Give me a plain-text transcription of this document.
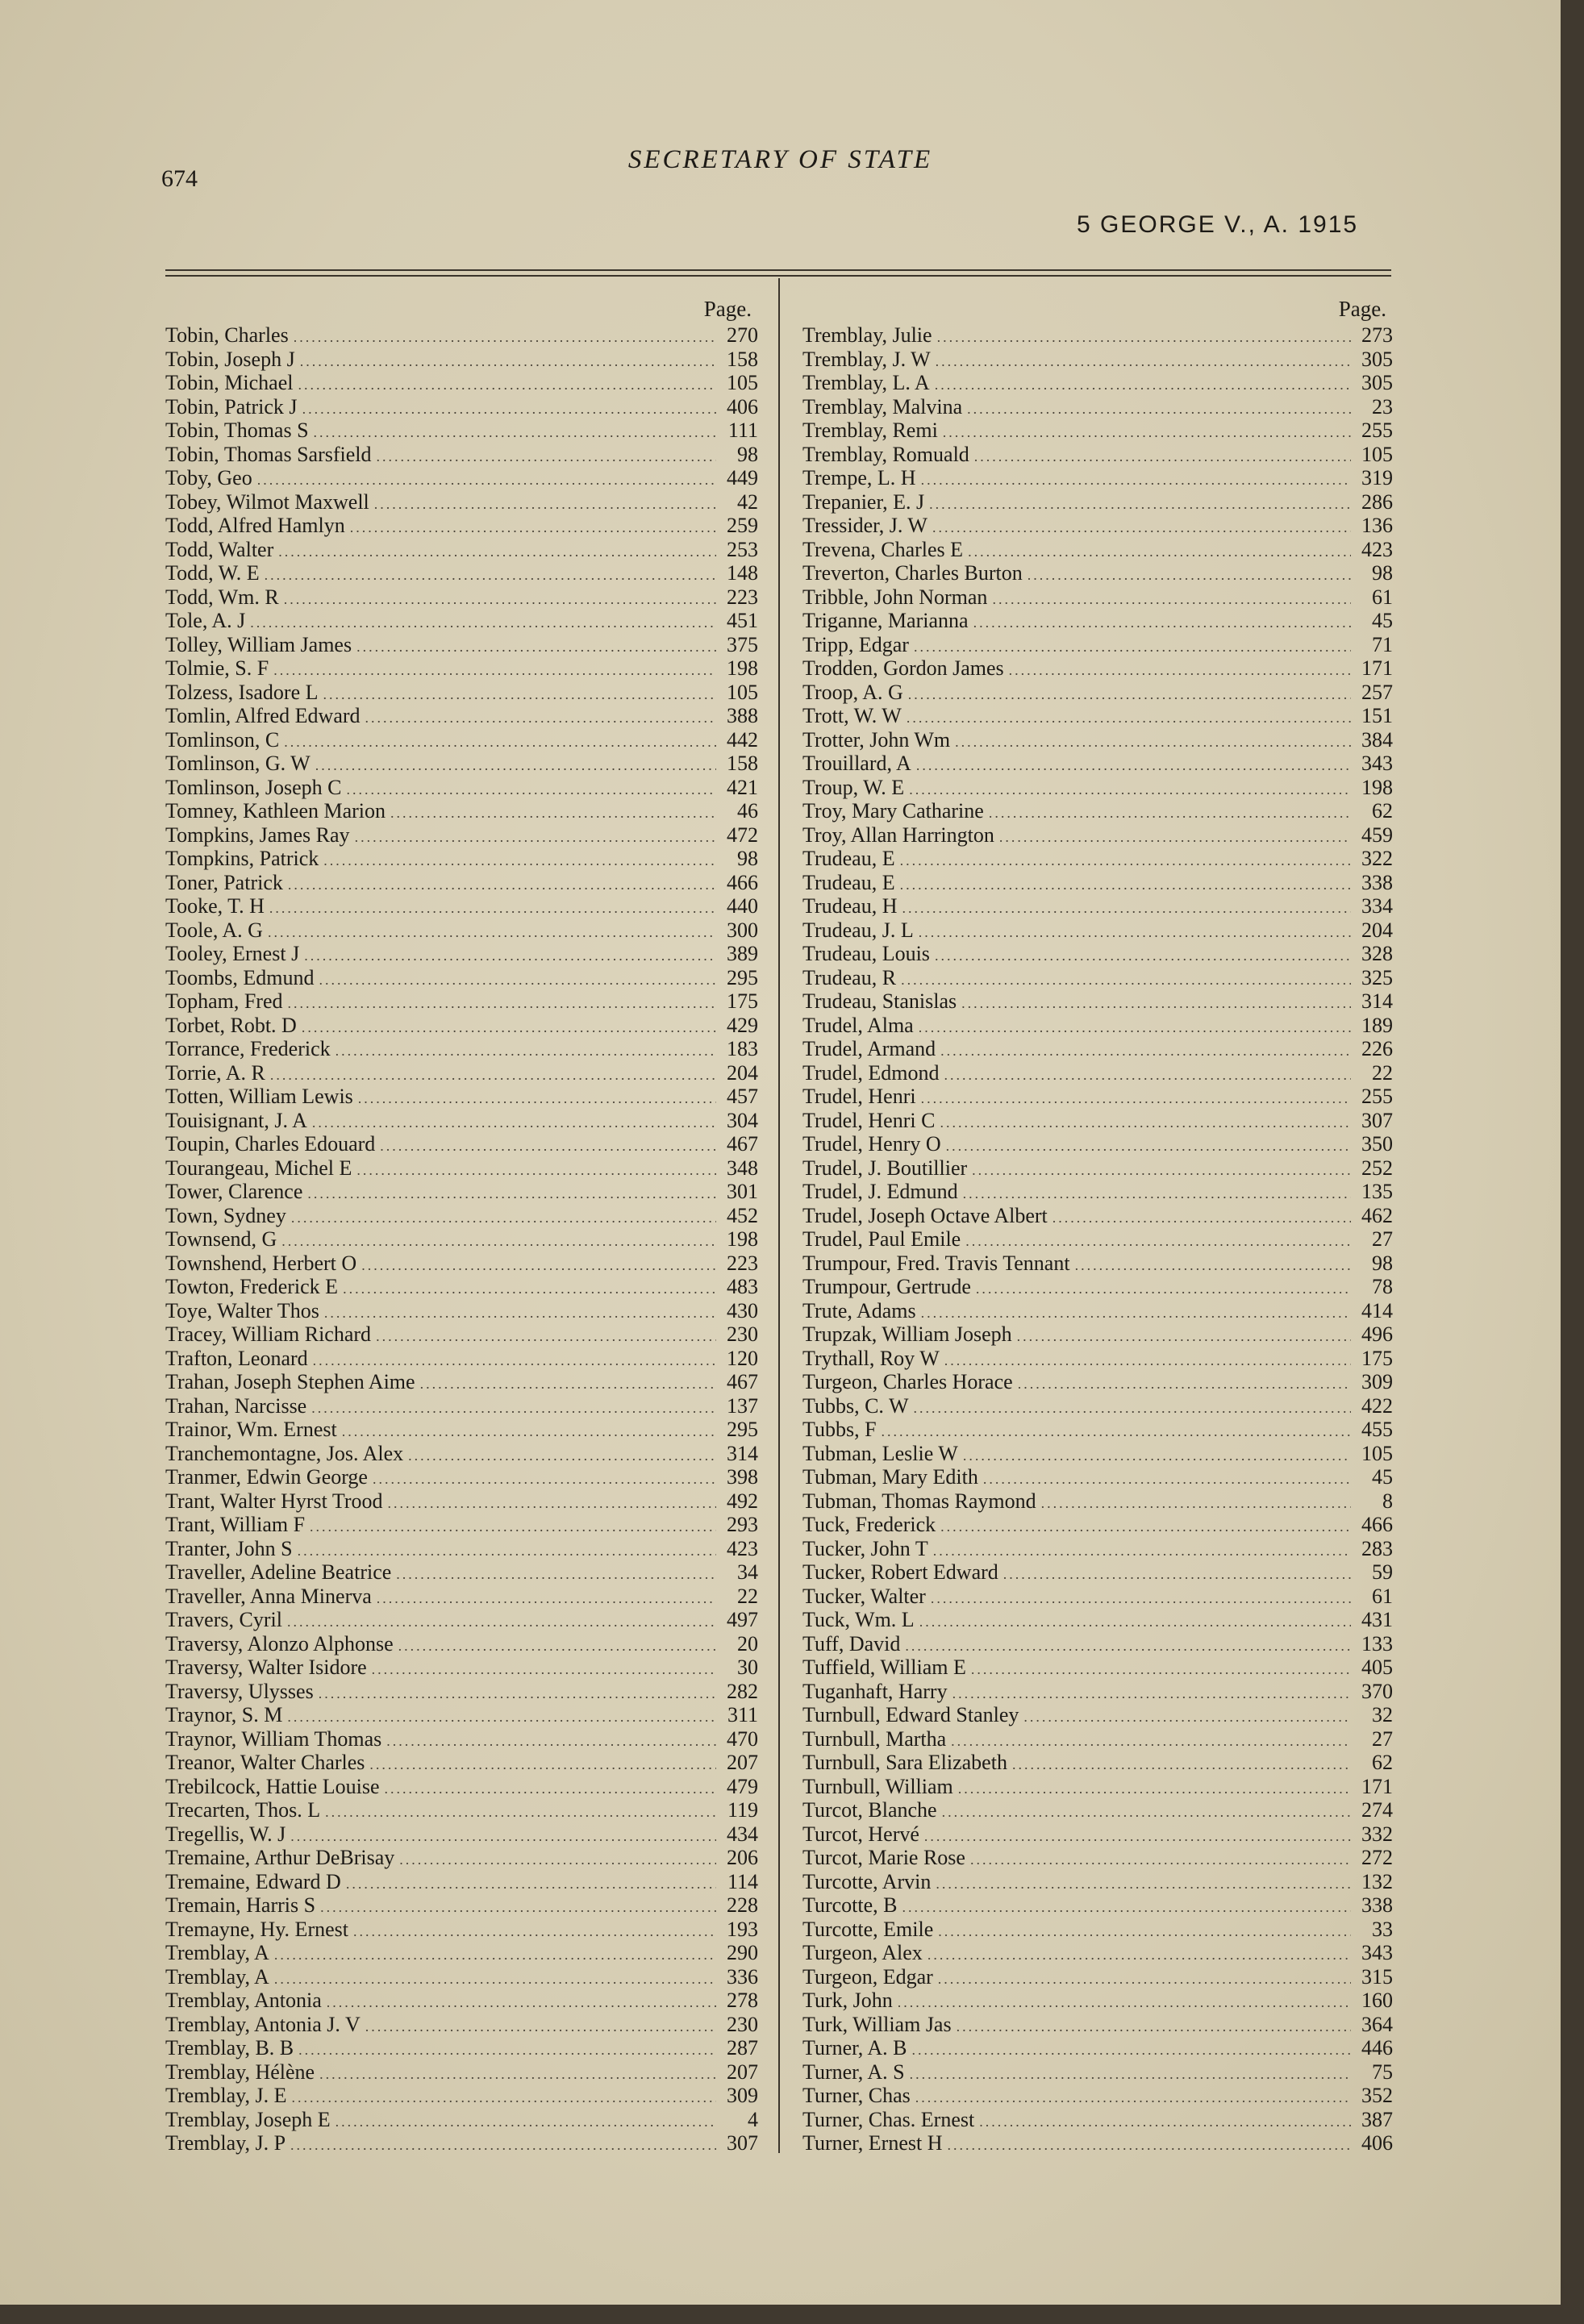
674
SECRETARY OF STATE
5 GEORGE V., A. 1915
Page.
Tobin, Charles .....	270
Tobin, Joseph J .....	158
Tobin, Michael .....	105
Tobin, Patrick J .....	406
Tobin, Thomas S .....	111
Tobin, Thomas Sarsfield .....	98
Toby, Geo .....	449
Tobey, Wilmot Maxwell .....	42
Todd, Alfred Hamlyn .....	259
Todd, Walter .....	253
Todd, W. E .....	148
Todd, Wm. R .....	223
Tole, A. J .....	451
Tolley, William James .....	375
Tolmie, S. F .....	198
Tolzess, Isadore L .....	105
Tomlin, Alfred Edward .....	388
Tomlinson, C .....	442
Tomlinson, G. W .....	158
Tomlinson, Joseph C .....	421
Tomney, Kathleen Marion .....	46
Tompkins, James Ray .....	472
Tompkins, Patrick .....	98
Toner, Patrick .....	466
Tooke, T. H .....	440
Toole, A. G .....	300
Tooley, Ernest J .....	389
Toombs, Edmund .....	295
Topham, Fred .....	175
Torbet, Robt. D .....	429
Torrance, Frederick .....	183
Torrie, A. R .....	204
Totten, William Lewis .....	457
Touisignant, J. A .....	304
Toupin, Charles Edouard .....	467
Tourangeau, Michel E .....	348
Tower, Clarence .....	301
Town, Sydney .....	452
Townsend, G .....	198
Townshend, Herbert O .....	223
Towton, Frederick E .....	483
Toye, Walter Thos .....	430
Tracey, William Richard .....	230
Trafton, Leonard .....	120
Trahan, Joseph Stephen Aime .....	467
Trahan, Narcisse .....	137
Trainor, Wm. Ernest .....	295
Tranchemontagne, Jos. Alex .....	314
Tranmer, Edwin George .....	398
Trant, Walter Hyrst Trood .....	492
Trant, William F .....	293
Tranter, John S .....	423
Traveller, Adeline Beatrice .....	34
Traveller, Anna Minerva .....	22
Travers, Cyril .....	497
Traversy, Alonzo Alphonse .....	20
Traversy, Walter Isidore .....	30
Traversy, Ulysses .....	282
Traynor, S. M .....	311
Traynor, William Thomas .....	470
Treanor, Walter Charles .....	207
Trebilcock, Hattie Louise .....	479
Trecarten, Thos. L .....	119
Tregellis, W. J .....	434
Tremaine, Arthur DeBrisay .....	206
Tremaine, Edward D .....	114
Tremain, Harris S .....	228
Tremayne, Hy. Ernest .....	193
Tremblay, A .....	290
Tremblay, A .....	336
Tremblay, Antonia .....	278
Tremblay, Antonia J. V .....	230
Tremblay, B. B .....	287
Tremblay, Hélène .....	207
Tremblay, J. E .....	309
Tremblay, Joseph E .....	4
Tremblay, J. P .....	307
Page.
Tremblay, Julie .....	273
Tremblay, J. W .....	305
Tremblay, L. A .....	305
Tremblay, Malvina .....	23
Tremblay, Remi .....	255
Tremblay, Romuald .....	105
Trempe, L. H .....	319
Trepanier, E. J .....	286
Tressider, J. W .....	136
Trevena, Charles E .....	423
Treverton, Charles Burton .....	98
Tribble, John Norman .....	61
Triganne, Marianna .....	45
Tripp, Edgar .....	71
Trodden, Gordon James .....	171
Troop, A. G .....	257
Trott, W. W .....	151
Trotter, John Wm .....	384
Trouillard, A .....	343
Troup, W. E .....	198
Troy, Mary Catharine .....	62
Troy, Allan Harrington .....	459
Trudeau, E .....	322
Trudeau, E .....	338
Trudeau, H .....	334
Trudeau, J. L .....	204
Trudeau, Louis .....	328
Trudeau, R .....	325
Trudeau, Stanislas .....	314
Trudel, Alma .....	189
Trudel, Armand .....	226
Trudel, Edmond .....	22
Trudel, Henri .....	255
Trudel, Henri C .....	307
Trudel, Henry O .....	350
Trudel, J. Boutillier .....	252
Trudel, J. Edmund .....	135
Trudel, Joseph Octave Albert .....	462
Trudel, Paul Emile .....	27
Trumpour, Fred. Travis Tennant .....	98
Trumpour, Gertrude .....	78
Trute, Adams .....	414
Trupzak, William Joseph .....	496
Trythall, Roy W .....	175
Turgeon, Charles Horace .....	309
Tubbs, C. W .....	422
Tubbs, F .....	455
Tubman, Leslie W .....	105
Tubman, Mary Edith .....	45
Tubman, Thomas Raymond .....	8
Tuck, Frederick .....	466
Tucker, John T .....	283
Tucker, Robert Edward .....	59
Tucker, Walter .....	61
Tuck, Wm. L .....	431
Tuff, David .....	133
Tuffield, William E .....	405
Tuganhaft, Harry .....	370
Turnbull, Edward Stanley .....	32
Turnbull, Martha .....	27
Turnbull, Sara Elizabeth .....	62
Turnbull, William .....	171
Turcot, Blanche .....	274
Turcot, Hervé .....	332
Turcot, Marie Rose .....	272
Turcotte, Arvin .....	132
Turcotte, B .....	338
Turcotte, Emile .....	33
Turgeon, Alex .....	343
Turgeon, Edgar .....	315
Turk, John .....	160
Turk, William Jas .....	364
Turner, A. B .....	446
Turner, A. S .....	75
Turner, Chas .....	352
Turner, Chas. Ernest .....	387
Turner, Ernest H .....	406
